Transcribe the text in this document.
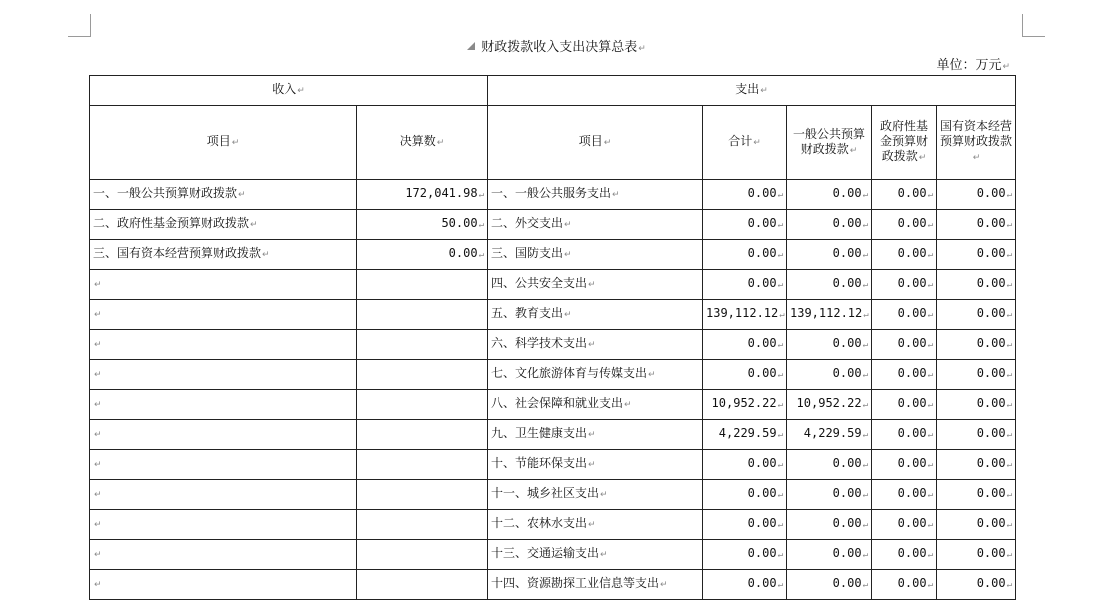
财政拨款收入支出决算总表↵
单位：万元↵
收入↵		支出↵				
项目↵	决算数↵	项目↵	合计↵	一般公共预算财政拨款↵	政府性基金预算财政拨款↵	国有资本经营预算财政拨款↵
一、一般公共预算财政拨款↵	172,041.98↵	一、一般公共服务支出↵	0.00↵	0.00↵	0.00↵	0.00↵
二、政府性基金预算财政拨款↵	50.00↵	二、外交支出↵	0.00↵	0.00↵	0.00↵	0.00↵
三、国有资本经营预算财政拨款↵	0.00↵	三、国防支出↵	0.00↵	0.00↵	0.00↵	0.00↵
↵		四、公共安全支出↵	0.00↵	0.00↵	0.00↵	0.00↵
↵		五、教育支出↵	139,112.12↵	139,112.12↵	0.00↵	0.00↵
↵		六、科学技术支出↵	0.00↵	0.00↵	0.00↵	0.00↵
↵		七、文化旅游体育与传媒支出↵	0.00↵	0.00↵	0.00↵	0.00↵
↵		八、社会保障和就业支出↵	10,952.22↵	10,952.22↵	0.00↵	0.00↵
↵		九、卫生健康支出↵	4,229.59↵	4,229.59↵	0.00↵	0.00↵
↵		十、节能环保支出↵	0.00↵	0.00↵	0.00↵	0.00↵
↵		十一、城乡社区支出↵	0.00↵	0.00↵	0.00↵	0.00↵
↵		十二、农林水支出↵	0.00↵	0.00↵	0.00↵	0.00↵
↵		十三、交通运输支出↵	0.00↵	0.00↵	0.00↵	0.00↵
↵		十四、资源勘探工业信息等支出↵	0.00↵	0.00↵	0.00↵	0.00↵
